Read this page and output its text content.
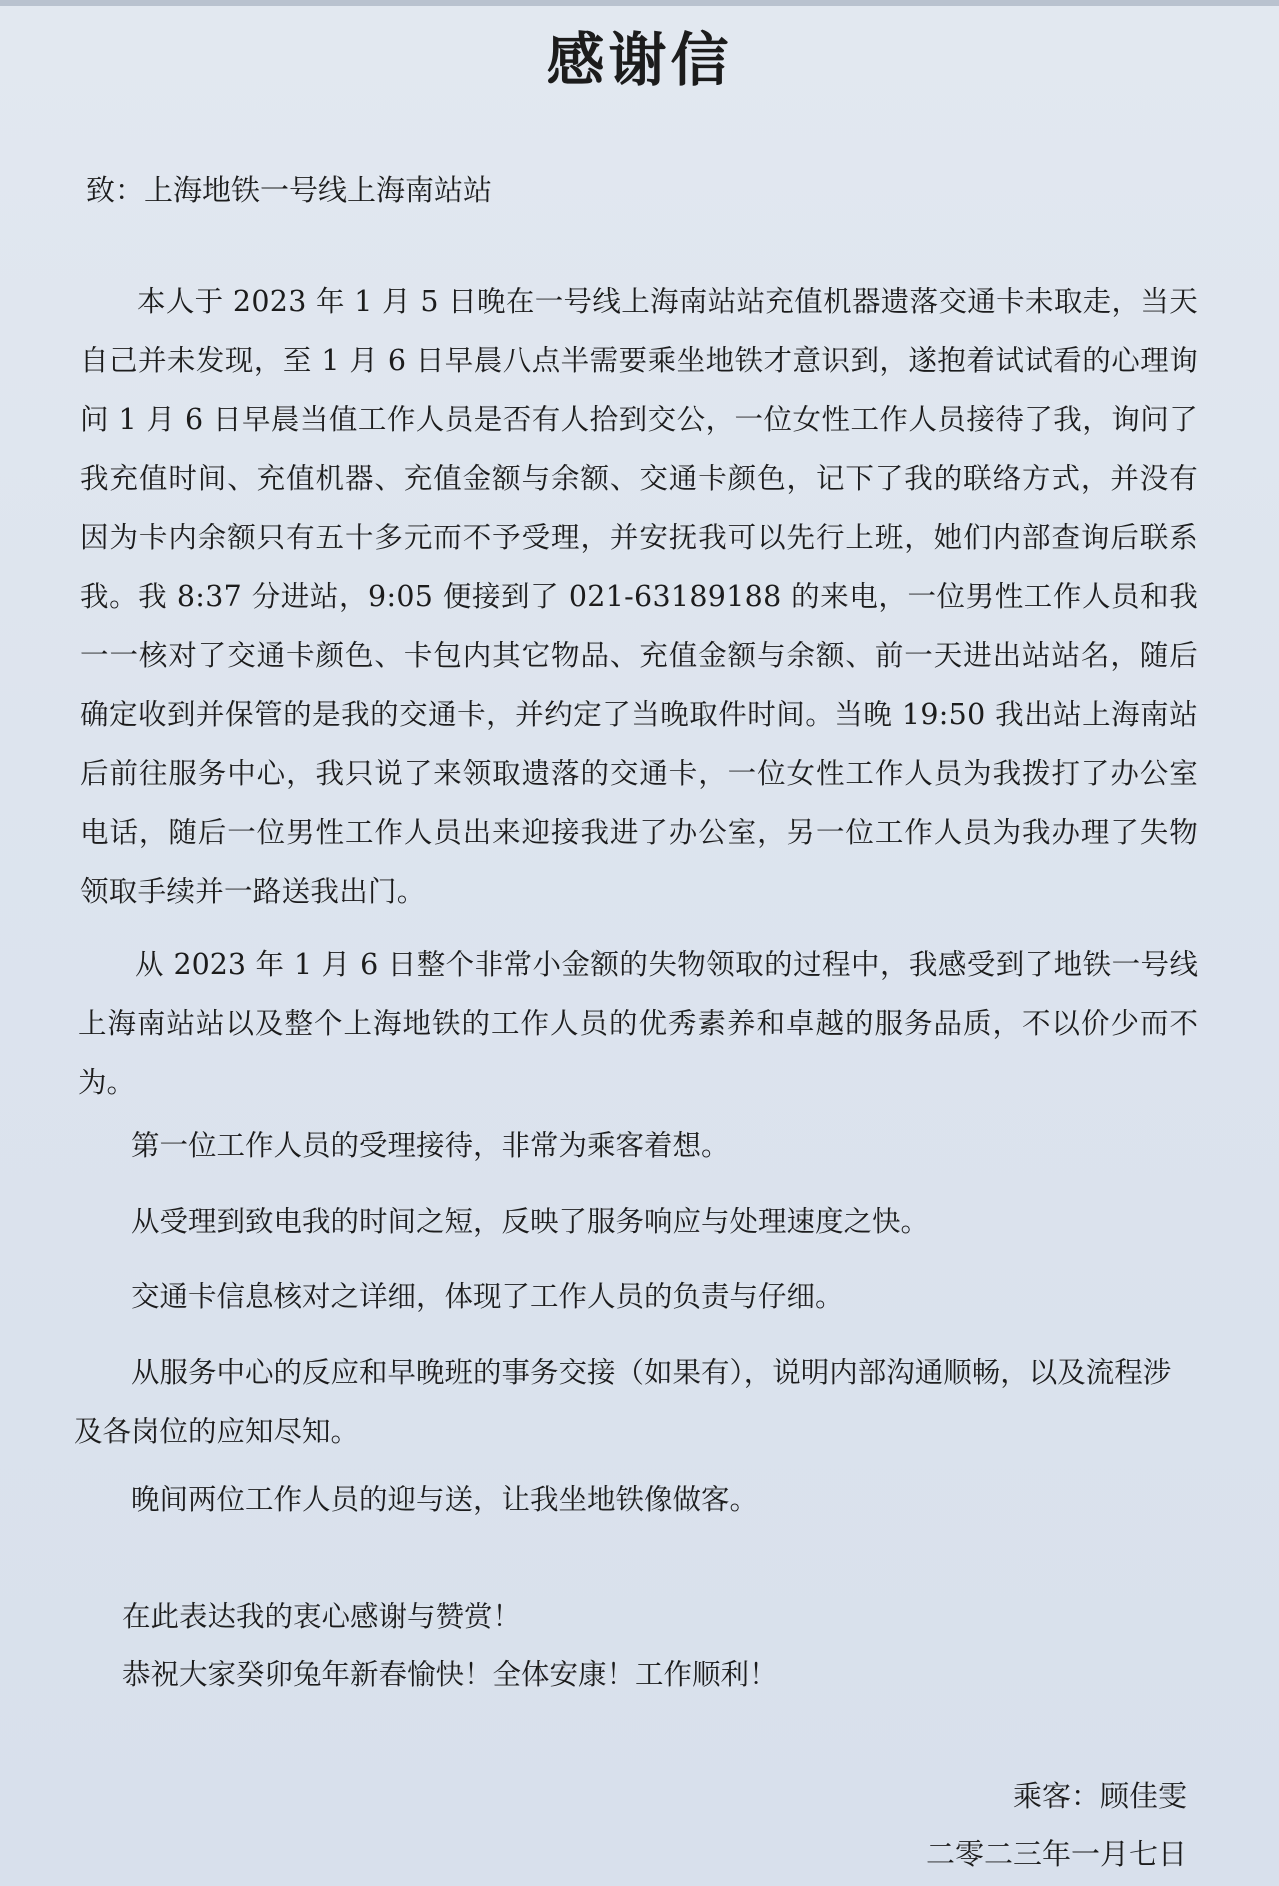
感谢信

致：上海地铁一号线上海南站站

本人于 2023 年 1 月 5 日晚在一号线上海南站站充值机器遗落交通卡未取走，当天自己并未发现，至 1 月 6 日早晨八点半需要乘坐地铁才意识到，遂抱着试试看的心理询问 1 月 6 日早晨当值工作人员是否有人拾到交公，一位女性工作人员接待了我，询问了我充值时间、充值机器、充值金额与余额、交通卡颜色，记下了我的联络方式，并没有因为卡内余额只有五十多元而不予受理，并安抚我可以先行上班，她们内部查询后联系我。我 8:37 分进站，9:05 便接到了 021-63189188 的来电，一位男性工作人员和我一一核对了交通卡颜色、卡包内其它物品、充值金额与余额、前一天进出站站名，随后确定收到并保管的是我的交通卡，并约定了当晚取件时间。当晚 19:50 我出站上海南站后前往服务中心，我只说了来领取遗落的交通卡，一位女性工作人员为我拨打了办公室电话，随后一位男性工作人员出来迎接我进了办公室，另一位工作人员为我办理了失物领取手续并一路送我出门。

从 2023 年 1 月 6 日整个非常小金额的失物领取的过程中，我感受到了地铁一号线上海南站站以及整个上海地铁的工作人员的优秀素养和卓越的服务品质，不以价少而不为。

第一位工作人员的受理接待，非常为乘客着想。

从受理到致电我的时间之短，反映了服务响应与处理速度之快。

交通卡信息核对之详细，体现了工作人员的负责与仔细。

从服务中心的反应和早晚班的事务交接（如果有），说明内部沟通顺畅，以及流程涉及各岗位的应知尽知。

晚间两位工作人员的迎与送，让我坐地铁像做客。

在此表达我的衷心感谢与赞赏！

恭祝大家癸卯兔年新春愉快！全体安康！工作顺利！

乘客：顾佳雯

二零二三年一月七日
